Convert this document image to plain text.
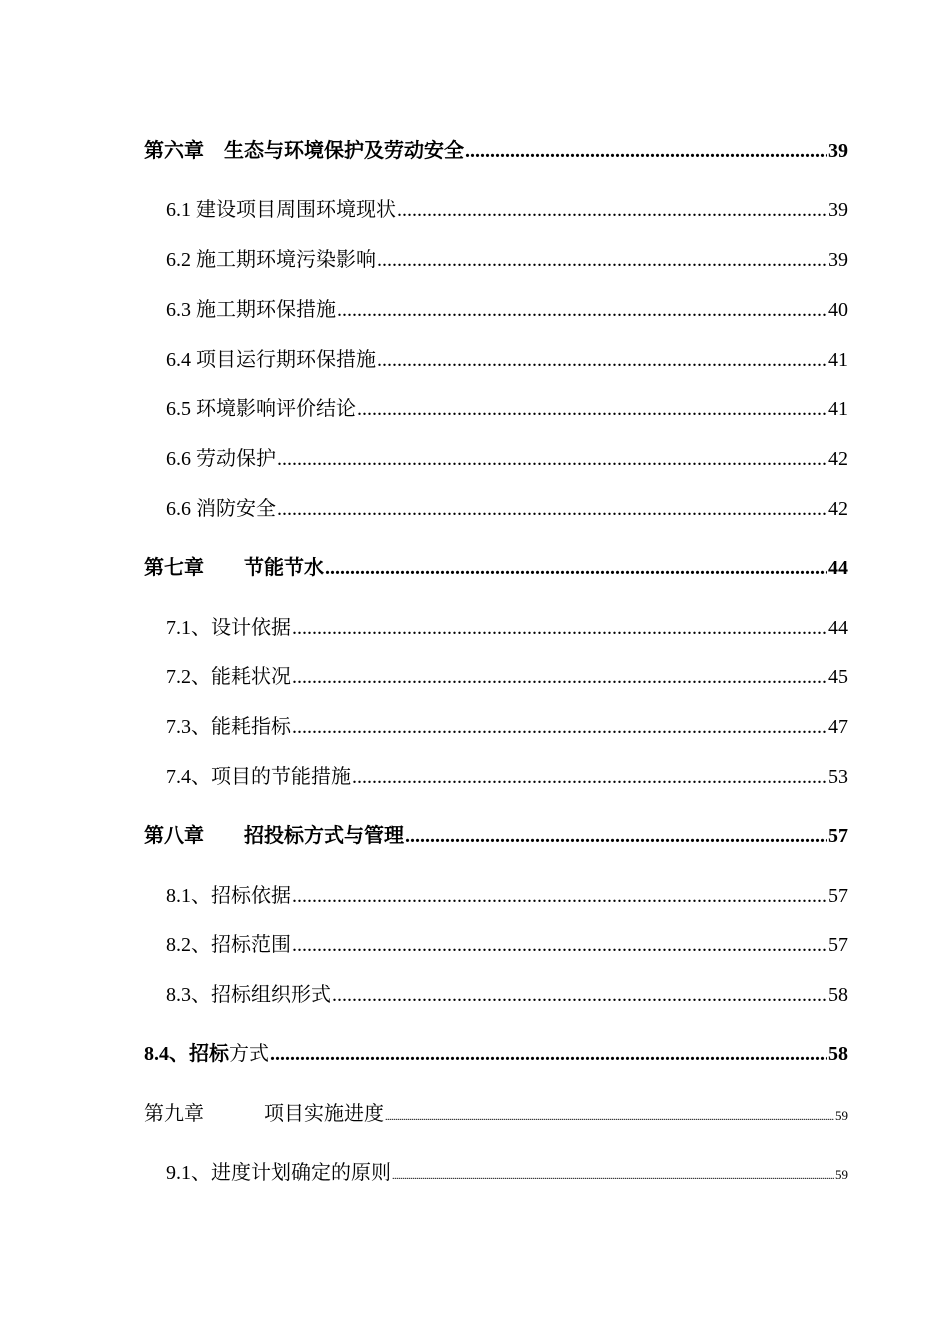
第六章　生态与环境保护及劳动安全 .....	39
6.1 建设项目周围环境现状 .....	39
6.2 施工期环境污染影响 .....	39
6.3 施工期环保措施 .....	40
6.4 项目运行期环保措施 .....	41
6.5 环境影响评价结论 .....	41
6.6 劳动保护 .....	42
6.6 消防安全 .....	42
第七章　　节能节水 .....	44
7.1、设计依据 .....	44
7.2、能耗状况 .....	45
7.3、能耗指标 .....	47
7.4、项目的节能措施 .....	53
第八章　　招投标方式与管理 .....	57
8.1、招标依据 .....	57
8.2、招标范围 .....	57
8.3、招标组织形式 .....	58
8.4、招标方式 .....	58
第九章　　　项目实施进度 .....	59
9.1、进度计划确定的原则 .....	59
